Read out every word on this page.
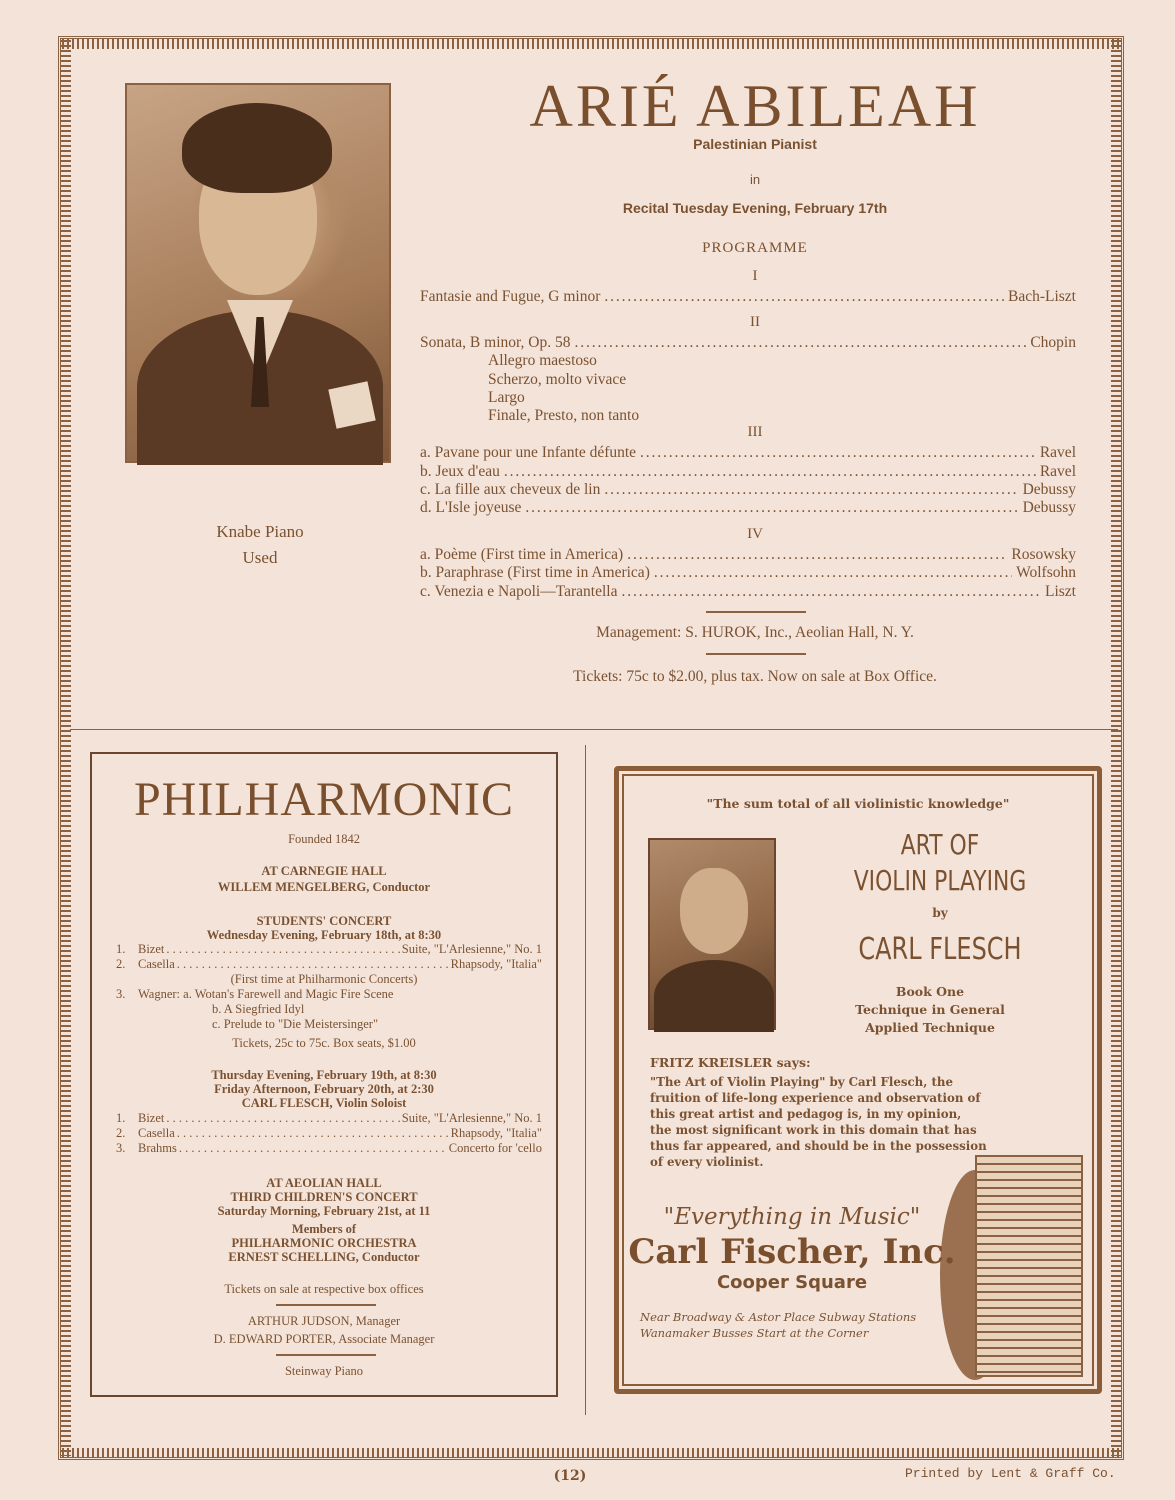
Knabe Piano
Used
ARIÉ ABILEAH
Palestinian Pianist
in
Recital Tuesday Evening, February 17th
PROGRAMME
I
Fantasie and Fugue, G minor . . .	Bach-Liszt
II
Sonata, B minor, Op. 58 . . .	Chopin
Allegro maestoso
Scherzo, molto vivace
Largo
Finale, Presto, non tanto
III
a. Pavane pour une Infante défunte . . .	Ravel
b. Jeux d'eau . . .	Ravel
c. La fille aux cheveux de lin . . .	Debussy
d. L'Isle joyeuse . . .	Debussy
IV
a. Poème (First time in America) . . .	Rosowsky
b. Paraphrase (First time in America) . . .	Wolfsohn
c. Venezia e Napoli—Tarantella . . .	Liszt
Management: S. HUROK, Inc., Aeolian Hall, N. Y.
Tickets: 75c to $2.00, plus tax. Now on sale at Box Office.
PHILHARMONIC
Founded 1842
AT CARNEGIE HALL
WILLEM MENGELBERG, Conductor
STUDENTS' CONCERT
Wednesday Evening, February 18th, at 8:30
1.	Bizet . . .	Suite, "L'Arlesienne," No. 1
2.	Casella . . .	Rhapsody, "Italia"
(First time at Philharmonic Concerts)
3. Wagner: a. Wotan's Farewell and Magic Fire Scene
b. A Siegfried Idyl
c. Prelude to "Die Meistersinger"
Tickets, 25c to 75c. Box seats, $1.00
Thursday Evening, February 19th, at 8:30
Friday Afternoon, February 20th, at 2:30
CARL FLESCH, Violin Soloist
1.	Bizet . . .	Suite, "L'Arlesienne," No. 1
2.	Casella . . .	Rhapsody, "Italia"
3.	Brahms . . .	Concerto for 'cello
AT AEOLIAN HALL
THIRD CHILDREN'S CONCERT
Saturday Morning, February 21st, at 11
Members of
PHILHARMONIC ORCHESTRA
ERNEST SCHELLING, Conductor
Tickets on sale at respective box offices
ARTHUR JUDSON, Manager
D. EDWARD PORTER, Associate Manager
Steinway Piano
"The sum total of all violinistic knowledge"
ART OF
VIOLIN PLAYING
by
CARL FLESCH
Book One
Technique in General
Applied Technique
FRITZ KREISLER says:
"The Art of Violin Playing" by Carl Flesch, the
fruition of life-long experience and observation of
this great artist and pedagog is, in my opinion,
the most significant work in this domain that has
thus far appeared, and should be in the possession
of every violinist.
"Everything in Music"
Carl Fischer, Inc.
Cooper Square
Near Broadway & Astor Place Subway Stations
Wanamaker Busses Start at the Corner
(12)	Printed by Lent & Graff Co.
